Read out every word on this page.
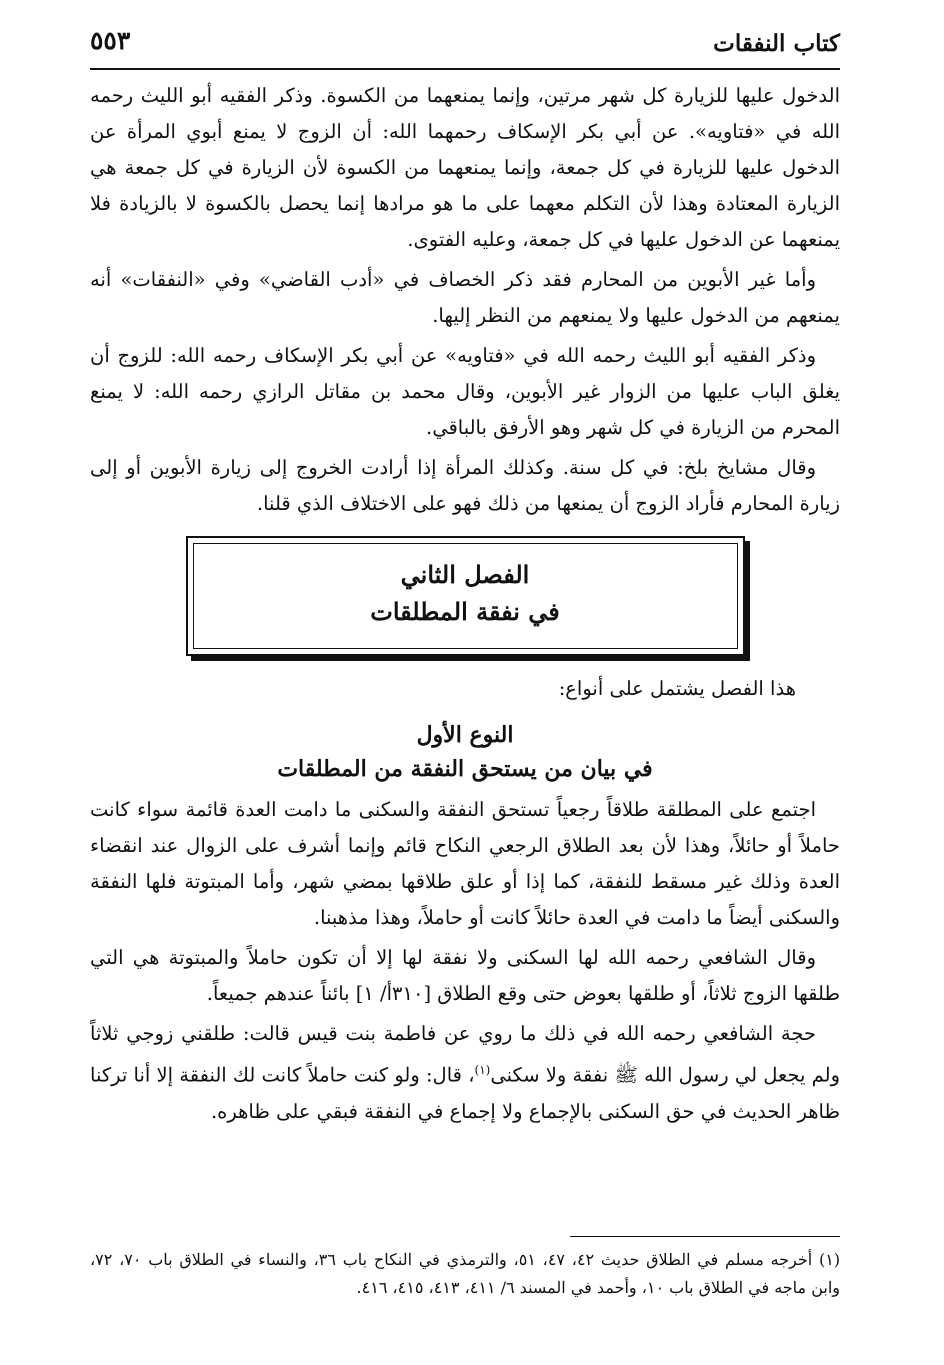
كتاب النفقات
٥٥٣

الدخول عليها للزيارة كل شهر مرتين، وإنما يمنعهما من الكسوة. وذكر الفقيه أبو الليث رحمه الله في «فتاويه». عن أبي بكر الإسكاف رحمهما الله: أن الزوج لا يمنع أبوي المرأة عن الدخول عليها للزيارة في كل جمعة، وإنما يمنعهما من الكسوة لأن الزيارة في كل جمعة هي الزيارة المعتادة وهذا لأن التكلم معهما على ما هو مرادها إنما يحصل بالكسوة لا بالزيادة فلا يمنعهما عن الدخول عليها في كل جمعة، وعليه الفتوى.

وأما غير الأبوين من المحارم فقد ذكر الخصاف في «أدب القاضي» وفي «النفقات» أنه يمنعهم من الدخول عليها ولا يمنعهم من النظر إليها.

وذكر الفقيه أبو الليث رحمه الله في «فتاويه» عن أبي بكر الإسكاف رحمه الله: للزوج أن يغلق الباب عليها من الزوار غير الأبوين، وقال محمد بن مقاتل الرازي رحمه الله: لا يمنع المحرم من الزيارة في كل شهر وهو الأرفق بالباقي.

وقال مشايخ بلخ: في كل سنة. وكذلك المرأة إذا أرادت الخروج إلى زيارة الأبوين أو إلى زيارة المحارم فأراد الزوج أن يمنعها من ذلك فهو على الاختلاف الذي قلنا.

الفصل الثاني
في نفقة المطلقات
هذا الفصل يشتمل على أنواع:
النوع الأول
في بيان من يستحق النفقة من المطلقات

اجتمع على المطلقة طلاقاً رجعياً تستحق النفقة والسكنى ما دامت العدة قائمة سواء كانت حاملاً أو حائلاً، وهذا لأن بعد الطلاق الرجعي النكاح قائم وإنما أشرف على الزوال عند انقضاء العدة وذلك غير مسقط للنفقة، كما إذا أو علق طلاقها بمضي شهر، وأما المبتوتة فلها النفقة والسكنى أيضاً ما دامت في العدة حائلاً كانت أو حاملاً، وهذا مذهبنا.

وقال الشافعي رحمه الله لها السكنى ولا نفقة لها إلا أن تكون حاملاً والمبتوتة هي التي طلقها الزوج ثلاثاً، أو طلقها بعوض حتى وقع الطلاق [٣١٠أ/ ١] بائناً عندهم جميعاً.

حجة الشافعي رحمه الله في ذلك ما روي عن فاطمة بنت قيس قالت: طلقني زوجي ثلاثاً ولم يجعل لي رسول الله ﷺ نفقة ولا سكنى$^{(١)}$، قال: ولو كنت حاملاً كانت لك النفقة إلا أنا تركنا ظاهر الحديث في حق السكنى بالإجماع ولا إجماع في النفقة فبقي على ظاهره.

(١) أخرجه مسلم في الطلاق حديث ٤٢، ٤٧، ٥١، والترمذي في النكاح باب ٣٦، والنساء في الطلاق باب ٧٠، ٧٢، وابن ماجه في الطلاق باب ١٠، وأحمد في المسند ٦/ ٤١١، ٤١٣، ٤١٥، ٤١٦.
